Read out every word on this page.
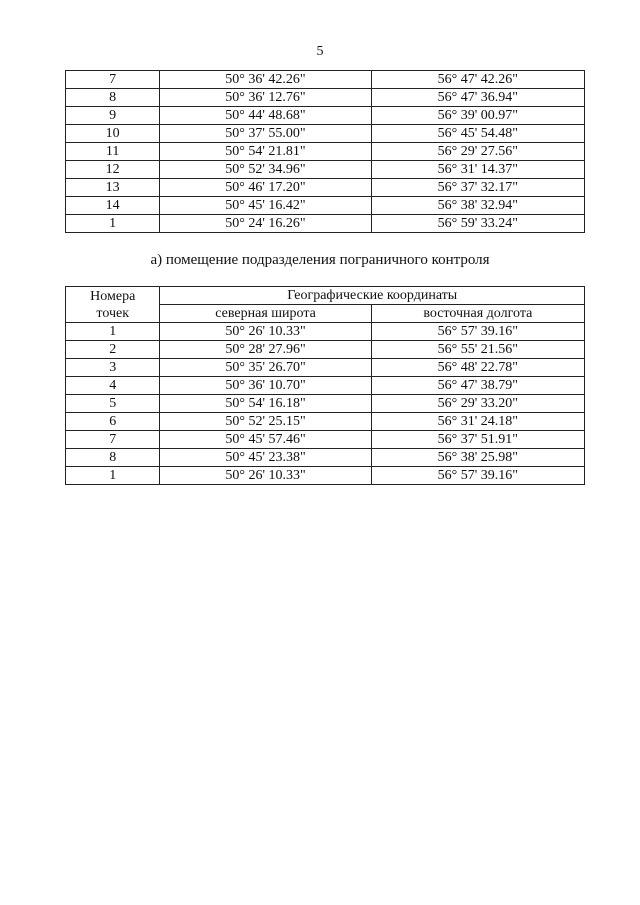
5
7	50° 36' 42.26"	56° 47' 42.26"
8	50° 36' 12.76"	56° 47' 36.94"
9	50° 44' 48.68"	56° 39' 00.97"
10	50° 37' 55.00"	56° 45' 54.48"
11	50° 54' 21.81"	56° 29' 27.56"
12	50° 52' 34.96"	56° 31' 14.37"
13	50° 46' 17.20"	56° 37' 32.17"
14	50° 45' 16.42"	56° 38' 32.94"
1	50° 24' 16.26"	56° 59' 33.24"
а) помещение подразделения пограничного контроля
Номера
точек	Географические координаты	
	северная широта	восточная долгота
1	50° 26' 10.33"	56° 57' 39.16"
2	50° 28' 27.96"	56° 55' 21.56"
3	50° 35' 26.70"	56° 48' 22.78"
4	50° 36' 10.70"	56° 47' 38.79"
5	50° 54' 16.18"	56° 29' 33.20"
6	50° 52' 25.15"	56° 31' 24.18"
7	50° 45' 57.46"	56° 37' 51.91"
8	50° 45' 23.38"	56° 38' 25.98"
1	50° 26' 10.33"	56° 57' 39.16"
